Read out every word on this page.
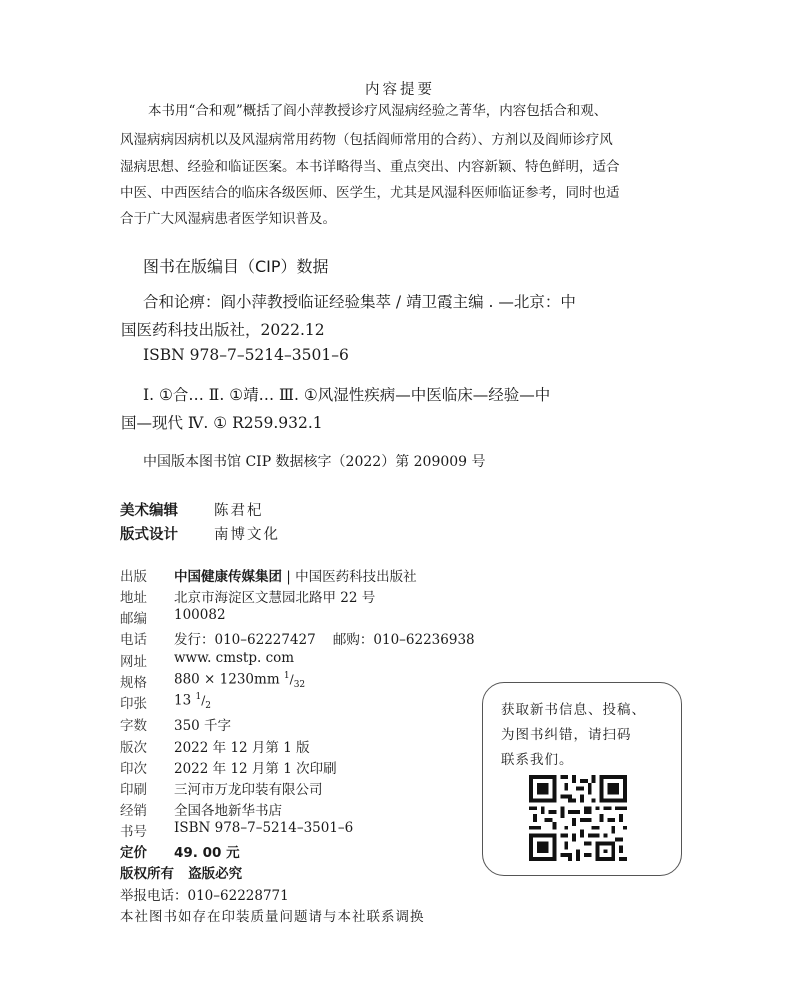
内容提要
本书用“合和观”概括了阎小萍教授诊疗风湿病经验之菁华，内容包括合和观、
风湿病病因病机以及风湿病常用药物（包括阎师常用的合药）、方剂以及阎师诊疗风
湿病思想、经验和临证医案。本书详略得当、重点突出、内容新颖、特色鲜明，适合
中医、中西医结合的临床各级医师、医学生，尤其是风湿科医师临证参考，同时也适
合于广大风湿病患者医学知识普及。
图书在版编目（CIP）数据
合和论痹：阎小萍教授临证经验集萃 / 靖卫霞主编 . —北京：中
国医药科技出版社，2022.12
ISBN 978–7–5214–3501–6
Ⅰ. ①合… Ⅱ. ①靖… Ⅲ. ①风湿性疾病—中医临床—经验—中
国—现代 Ⅳ. ① R259.932.1
中国版本图书馆 CIP 数据核字（2022）第 209009 号
美术编辑 陈君杞
版式设计 南博文化
出版 中国健康传媒集团 | 中国医药科技出版社
地址 北京市海淀区文慧园北路甲 22 号
邮编 100082
电话 发行：010–62227427    邮购：010–62236938
网址 www. cmstp. com
规格 880 × 1230mm $^1/_{32}$
印张 13 $^1/_2$
字数 350 千字
版次 2022 年 12 月第 1 版
印次 2022 年 12 月第 1 次印刷
印刷 三河市万龙印装有限公司
经销 全国各地新华书店
书号 ISBN 978–7–5214–3501–6
定价 49. 00 元
版权所有   盗版必究
举报电话：010–62228771
本社图书如存在印装质量问题请与本社联系调换
获取新书信息、投稿、
为图书纠错，请扫码
联系我们。
